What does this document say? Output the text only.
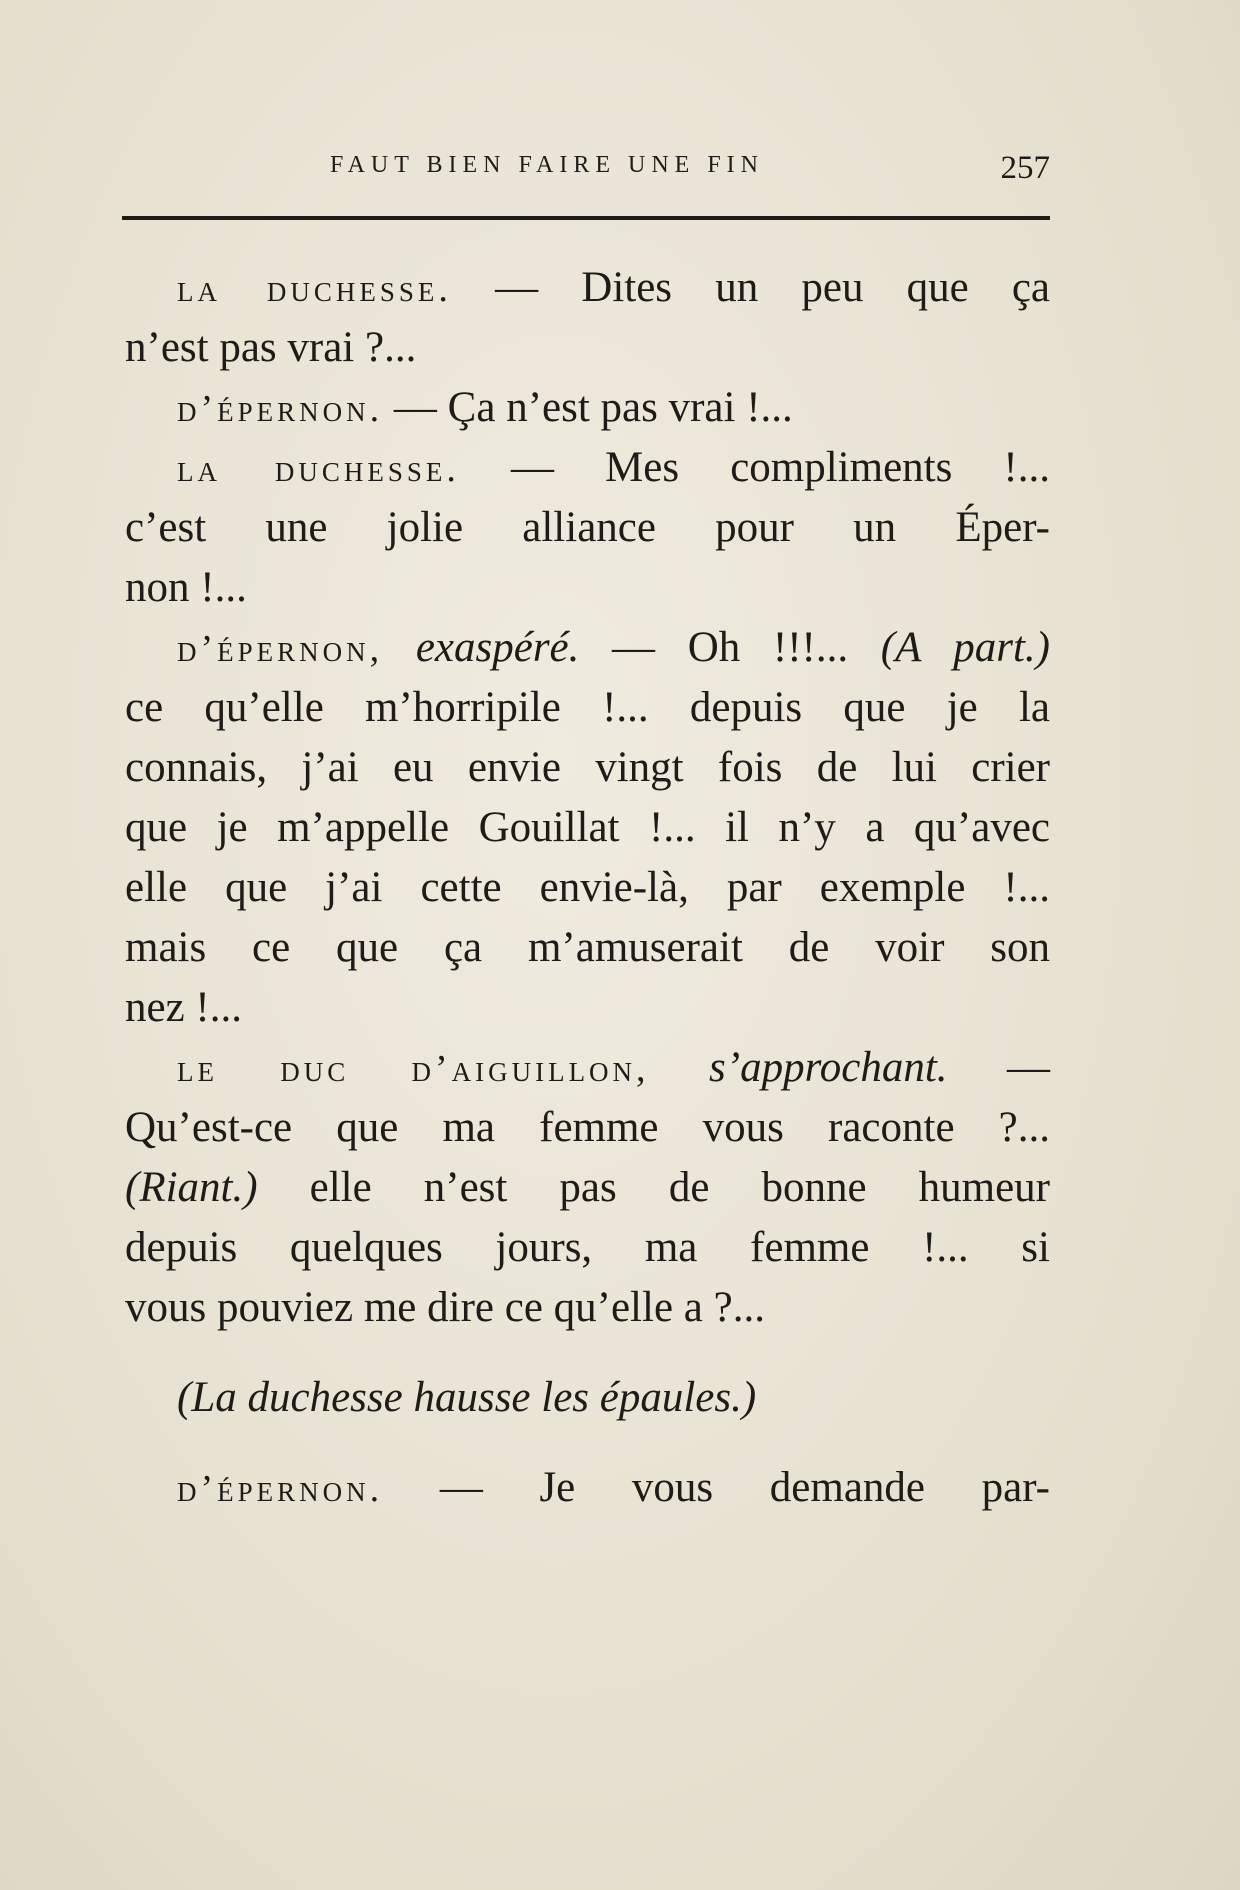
FAUT BIEN FAIRE UNE FIN	257
la duchesse. — Dites un peu que ça
n’est pas vrai ?...
d’épernon. — Ça n’est pas vrai !...
la duchesse. — Mes compliments !...
c’est une jolie alliance pour un Éper-
non !...
d’épernon, exaspéré. — Oh !!!... (A part.)
ce qu’elle m’horripile !... depuis que je la
connais, j’ai eu envie vingt fois de lui crier
que je m’appelle Gouillat !... il n’y a qu’avec
elle que j’ai cette envie-là, par exemple !...
mais ce que ça m’amuserait de voir son
nez !...
le duc d’aiguillon, s’approchant. —
Qu’est-ce que ma femme vous raconte ?...
(Riant.) elle n’est pas de bonne humeur
depuis quelques jours, ma femme !... si
vous pouviez me dire ce qu’elle a ?...
(La duchesse hausse les épaules.)
d’épernon. — Je vous demande par-
